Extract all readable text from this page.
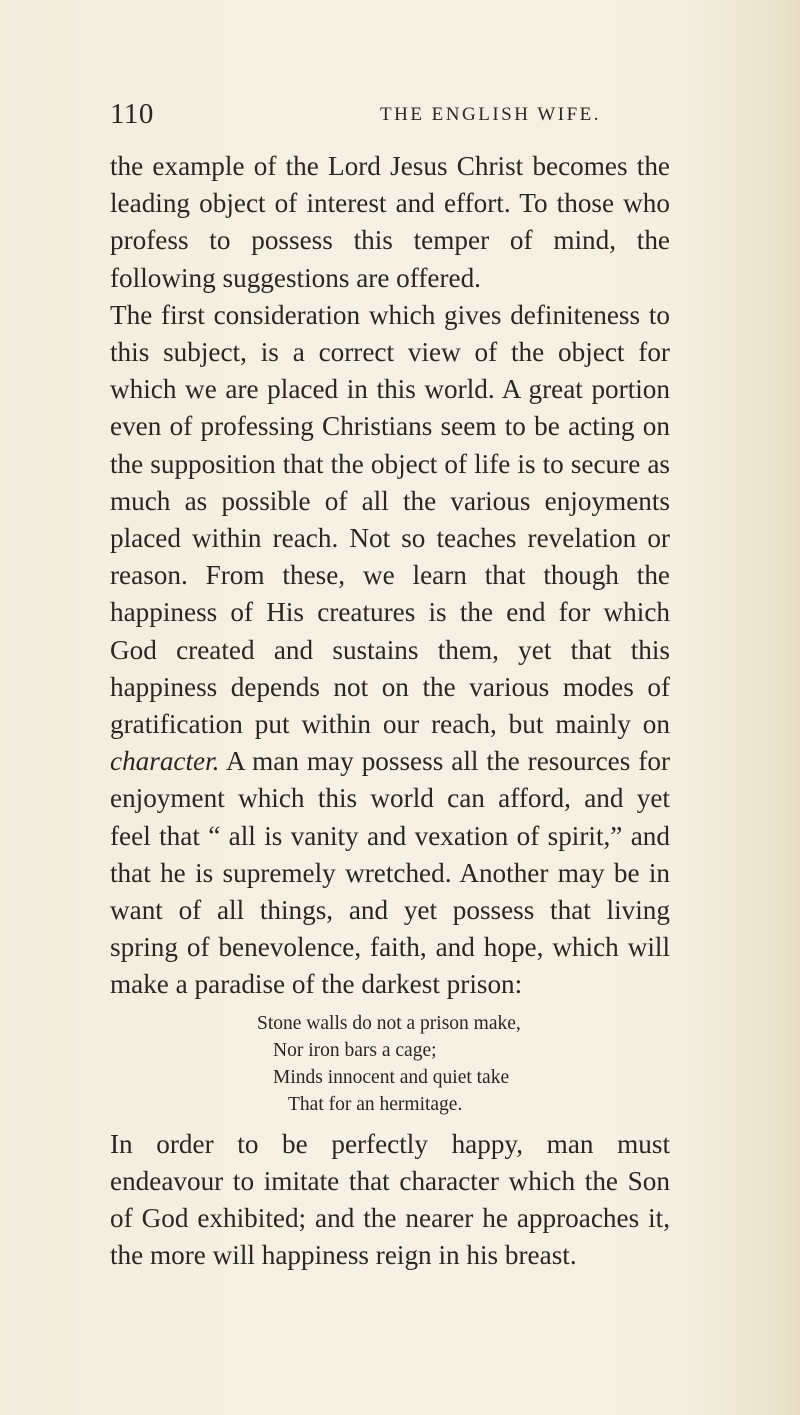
110	THE ENGLISH WIFE.

the example of the Lord Jesus Christ becomes the leading object of interest and effort. To those who profess to possess this temper of mind, the following suggestions are offered.

The first consideration which gives definiteness to this subject, is a correct view of the object for which we are placed in this world. A great portion even of professing Christians seem to be acting on the supposition that the object of life is to secure as much as possible of all the various enjoyments placed within reach. Not so teaches revelation or reason. From these, we learn that though the happiness of His creatures is the end for which God created and sustains them, yet that this happiness depends not on the various modes of gratification put within our reach, but mainly on character. A man may possess all the resources for enjoyment which this world can afford, and yet feel that “ all is vanity and vexation of spirit,” and that he is supremely wretched. Another may be in want of all things, and yet possess that living spring of benevolence, faith, and hope, which will make a paradise of the darkest prison:

Stone walls do not a prison make,
Nor iron bars a cage;
Minds innocent and quiet take
That for an hermitage.

In order to be perfectly happy, man must endeavour to imitate that character which the Son of God exhibited; and the nearer he approaches it, the more will happiness reign in his breast.
